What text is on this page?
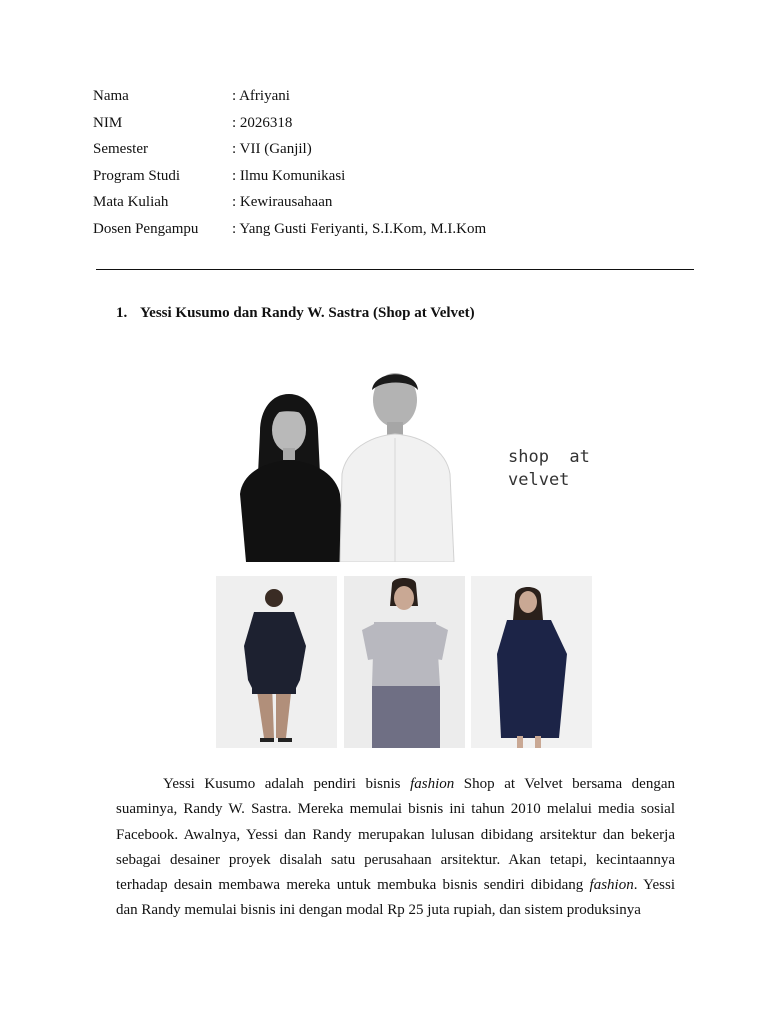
Nama	: Afriyani
NIM	: 2026318
Semester	: VII (Ganjil)
Program Studi	: Ilmu Komunikasi
Mata Kuliah	: Kewirausahaan
Dosen Pengampu	: Yang Gusti Feriyanti, S.I.Kom, M.I.Kom
1. Yessi Kusumo dan Randy W. Sastra (Shop at Velvet)
shop  at
velvet

Yessi Kusumo adalah pendiri bisnis fashion Shop at Velvet bersama dengan suaminya, Randy W. Sastra. Mereka memulai bisnis ini tahun 2010 melalui media sosial Facebook. Awalnya, Yessi dan Randy merupakan lulusan dibidang arsitektur dan bekerja sebagai desainer proyek disalah satu perusahaan arsitektur. Akan tetapi, kecintaannya terhadap desain membawa mereka untuk membuka bisnis sendiri dibidang fashion. Yessi dan Randy memulai bisnis ini dengan modal Rp 25 juta rupiah, dan sistem produksinya
